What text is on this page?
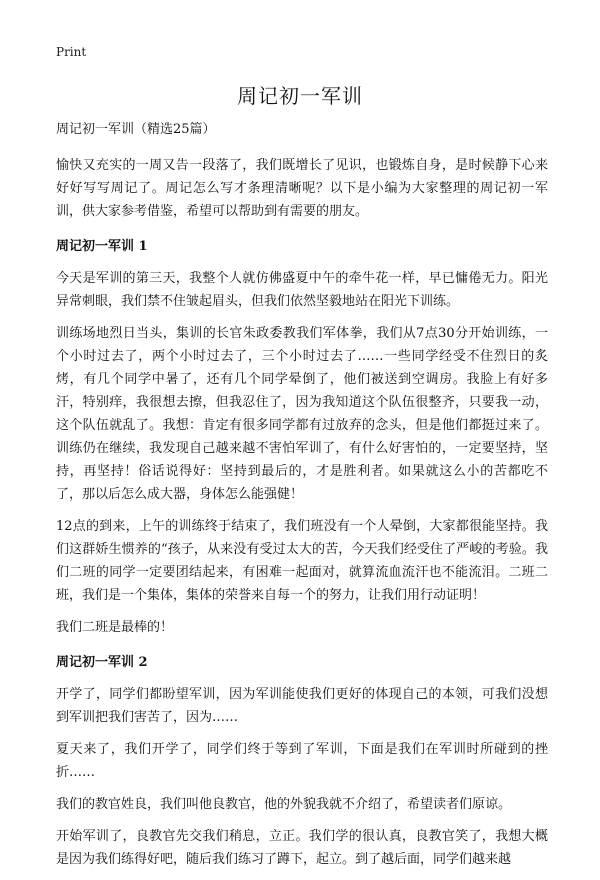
Print
周记初一军训

周记初一军训（精选25篇）

愉快又充实的一周又告一段落了，我们既增长了见识，也锻炼自身，是时候静下心来好好写写周记了。周记怎么写才条理清晰呢？以下是小编为大家整理的周记初一军训，供大家参考借鉴，希望可以帮助到有需要的朋友。

周记初一军训 1

今天是军训的第三天，我整个人就仿佛盛夏中午的牵牛花一样，早已慵倦无力。阳光异常刺眼，我们禁不住皱起眉头，但我们依然坚毅地站在阳光下训练。

训练场地烈日当头，集训的长官朱政委教我们军体拳，我们从7点30分开始训练，一个小时过去了，两个小时过去了，三个小时过去了……一些同学经受不住烈日的炙烤，有几个同学中暑了，还有几个同学晕倒了，他们被送到空调房。我脸上有好多汗，特别痒，我很想去擦，但我忍住了，因为我知道这个队伍很整齐，只要我一动，这个队伍就乱了。我想：肯定有很多同学都有过放弃的念头，但是他们都挺过来了。训练仍在继续，我发现自己越来越不害怕军训了，有什么好害怕的，一定要坚持，坚持，再坚持！俗话说得好：坚持到最后的，才是胜利者。如果就这么小的苦都吃不了，那以后怎么成大器，身体怎么能强健！

12点的到来，上午的训练终于结束了，我们班没有一个人晕倒，大家都很能坚持。我们这群娇生惯养的“孩子，从来没有受过太大的苦，今天我们经受住了严峻的考验。我们二班的同学一定要团结起来，有困难一起面对，就算流血流汗也不能流泪。二班二班，我们是一个集体，集体的荣誉来自每一个的努力，让我们用行动证明！

我们二班是最棒的！

周记初一军训 2

开学了，同学们都盼望军训，因为军训能使我们更好的体现自己的本领，可我们没想到军训把我们害苦了，因为……

夏天来了，我们开学了，同学们终于等到了军训，下面是我们在军训时所碰到的挫折……

我们的教官姓良，我们叫他良教官，他的外貌我就不介绍了，希望读者们原谅。

开始军训了，良教官先交我们稍息，立正。我们学的很认真，良教官笑了，我想大概是因为我们练得好吧，随后我们练习了蹲下，起立。到了越后面，同学们越来越
